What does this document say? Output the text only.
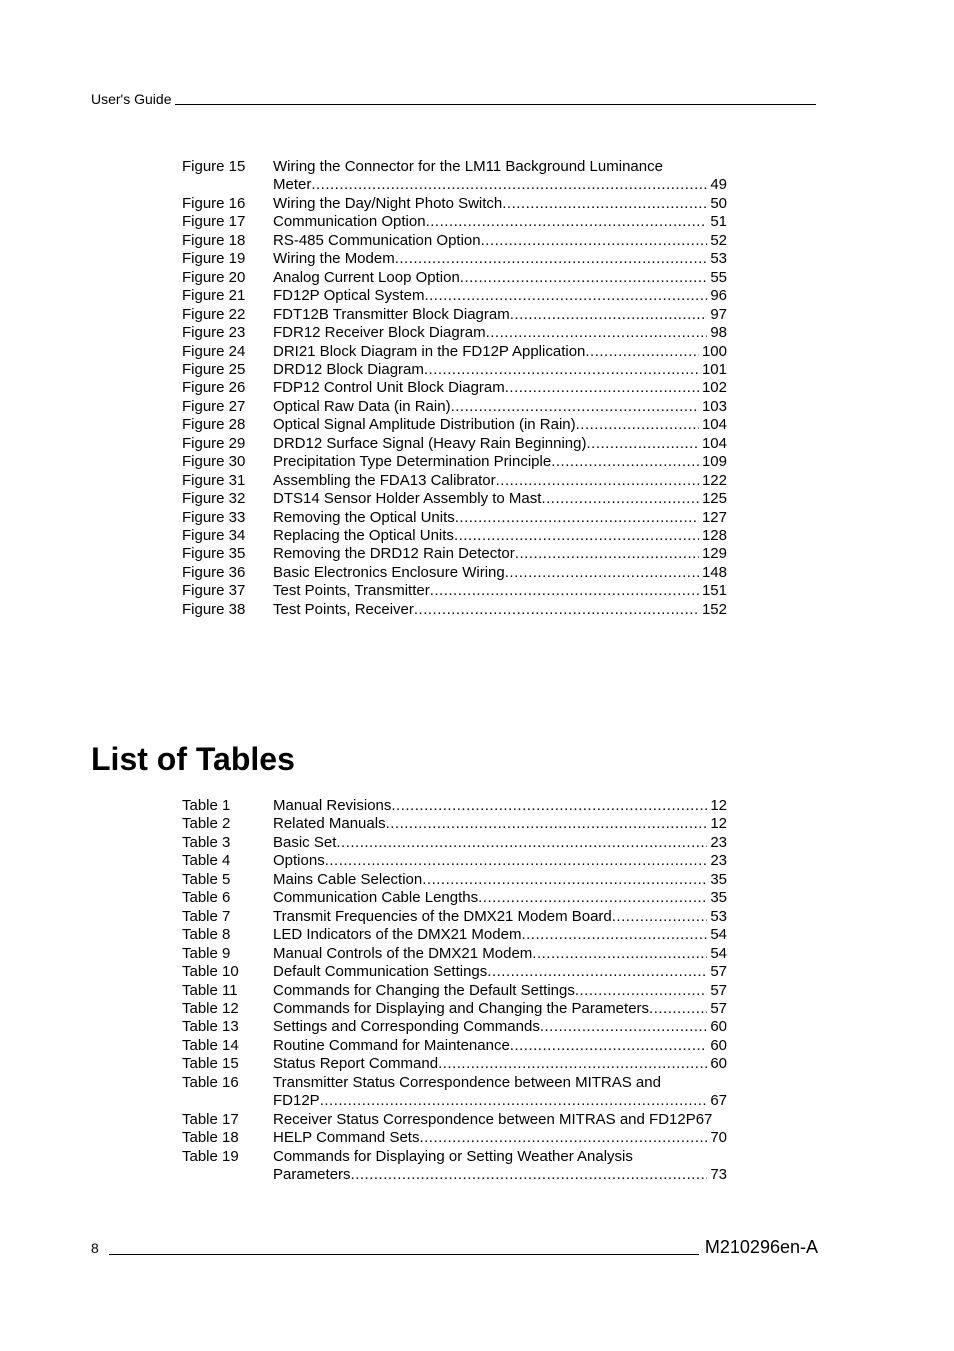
User's Guide
Figure 15	Wiring the Connector for the LM11 Background Luminance
Meter .....	49
Figure 16	Wiring the Day/Night Photo Switch .....	50
Figure 17	Communication Option .....	51
Figure 18	RS-485 Communication Option .....	52
Figure 19	Wiring the Modem .....	53
Figure 20	Analog Current Loop Option .....	55
Figure 21	FD12P Optical System .....	96
Figure 22	FDT12B Transmitter Block Diagram .....	97
Figure 23	FDR12 Receiver Block Diagram .....	98
Figure 24	DRI21 Block Diagram in the FD12P Application .....	100
Figure 25	DRD12 Block Diagram .....	101
Figure 26	FDP12 Control Unit Block Diagram .....	102
Figure 27	Optical Raw Data (in Rain) .....	103
Figure 28	Optical Signal Amplitude Distribution (in Rain) .....	104
Figure 29	DRD12 Surface Signal (Heavy Rain Beginning) .....	104
Figure 30	Precipitation Type Determination Principle .....	109
Figure 31	Assembling the FDA13 Calibrator .....	122
Figure 32	DTS14 Sensor Holder Assembly to Mast .....	125
Figure 33	Removing the Optical Units .....	127
Figure 34	Replacing the Optical Units .....	128
Figure 35	Removing the DRD12 Rain Detector .....	129
Figure 36	Basic Electronics Enclosure Wiring .....	148
Figure 37	Test Points, Transmitter .....	151
Figure 38	Test Points, Receiver .....	152
List of Tables
Table 1	Manual Revisions .....	12
Table 2	Related Manuals .....	12
Table 3	Basic Set .....	23
Table 4	Options .....	23
Table 5	Mains Cable Selection .....	35
Table 6	Communication Cable Lengths .....	35
Table 7	Transmit Frequencies of the DMX21 Modem Board .....	53
Table 8	LED Indicators of the DMX21 Modem .....	54
Table 9	Manual Controls of the DMX21 Modem .....	54
Table 10	Default Communication Settings .....	57
Table 11	Commands for Changing the Default Settings .....	57
Table 12	Commands for Displaying and Changing the Parameters .....	57
Table 13	Settings and Corresponding Commands .....	60
Table 14	Routine Command for Maintenance .....	60
Table 15	Status Report Command .....	60
Table 16	Transmitter Status Correspondence between MITRAS and
FD12P .....	67
Table 17	Receiver Status Correspondence between MITRAS and FD12P 67
Table 18	HELP Command Sets .....	70
Table 19	Commands for Displaying or Setting Weather Analysis
Parameters .....	73
8	M210296en-A
